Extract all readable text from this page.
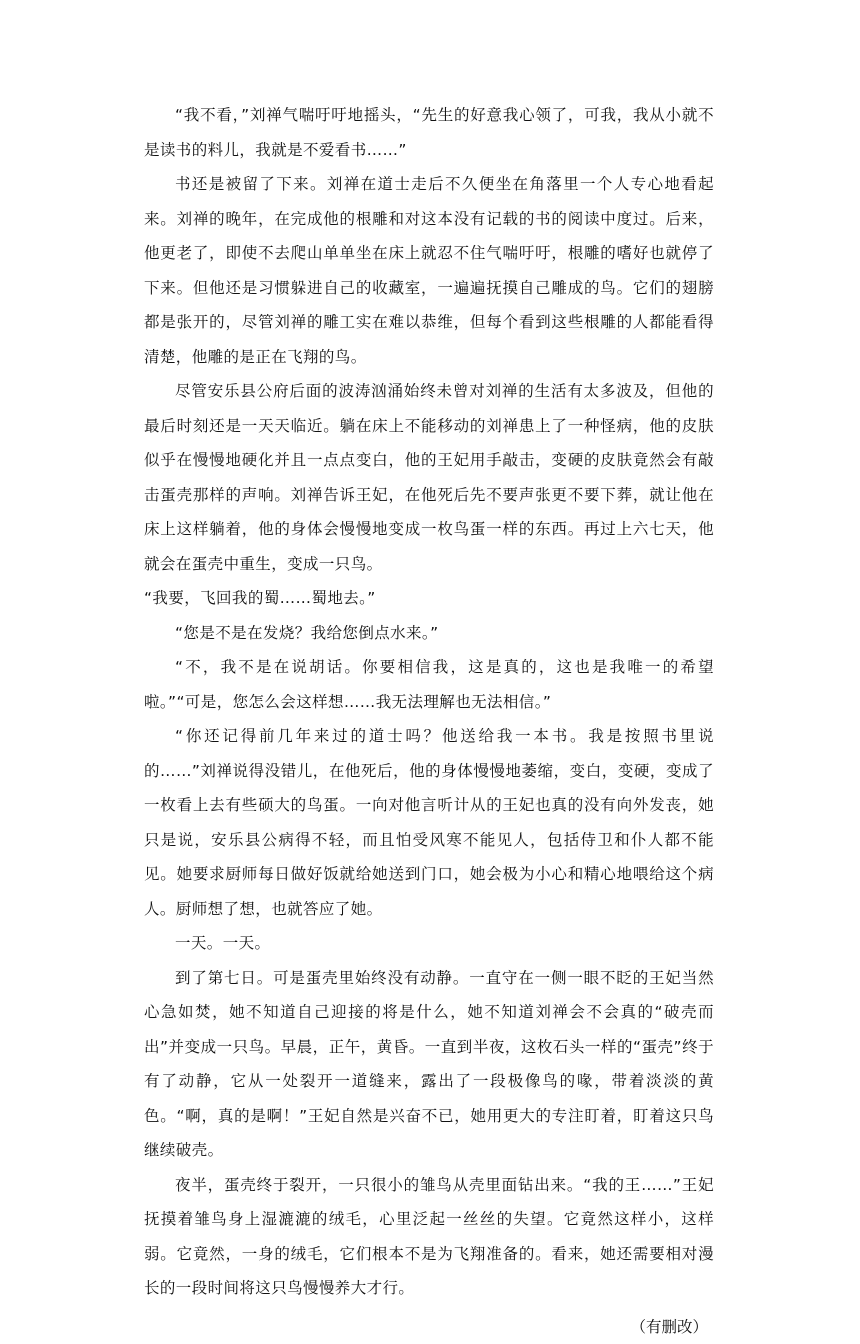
“我不看，”刘禅气喘吁吁地摇头，“先生的好意我心领了，可我，我从小就不是读书的料儿，我就是不爱看书……”

书还是被留了下来。刘禅在道士走后不久便坐在角落里一个人专心地看起来。刘禅的晚年，在完成他的根雕和对这本没有记载的书的阅读中度过。后来，他更老了，即使不去爬山单单坐在床上就忍不住气喘吁吁，根雕的嗜好也就停了下来。但他还是习惯躲进自己的收藏室，一遍遍抚摸自己雕成的鸟。它们的翅膀都是张开的，尽管刘禅的雕工实在难以恭维，但每个看到这些根雕的人都能看得清楚，他雕的是正在飞翔的鸟。

尽管安乐县公府后面的波涛汹涌始终未曾对刘禅的生活有太多波及，但他的最后时刻还是一天天临近。躺在床上不能移动的刘禅患上了一种怪病，他的皮肤似乎在慢慢地硬化并且一点点变白，他的王妃用手敲击，变硬的皮肤竟然会有敲击蛋壳那样的声响。刘禅告诉王妃，在他死后先不要声张更不要下葬，就让他在床上这样躺着，他的身体会慢慢地变成一枚鸟蛋一样的东西。再过上六七天，他就会在蛋壳中重生，变成一只鸟。

“我要，飞回我的蜀……蜀地去。”

“您是不是在发烧？我给您倒点水来。”

“不，我不是在说胡话。你要相信我，这是真的，这也是我唯一的希望啦。”“可是，您怎么会这样想……我无法理解也无法相信。”

“你还记得前几年来过的道士吗？他送给我一本书。我是按照书里说的……”刘禅说得没错儿，在他死后，他的身体慢慢地萎缩，变白，变硬，变成了一枚看上去有些硕大的鸟蛋。一向对他言听计从的王妃也真的没有向外发丧，她只是说，安乐县公病得不轻，而且怕受风寒不能见人，包括侍卫和仆人都不能见。她要求厨师每日做好饭就给她送到门口，她会极为小心和精心地喂给这个病人。厨师想了想，也就答应了她。

一天。一天。

到了第七日。可是蛋壳里始终没有动静。一直守在一侧一眼不眨的王妃当然心急如焚，她不知道自己迎接的将是什么，她不知道刘禅会不会真的“破壳而出”并变成一只鸟。早晨，正午，黄昏。一直到半夜，这枚石头一样的“蛋壳”终于有了动静，它从一处裂开一道缝来，露出了一段极像鸟的喙，带着淡淡的黄色。“啊，真的是啊！”王妃自然是兴奋不已，她用更大的专注盯着，盯着这只鸟继续破壳。

夜半，蛋壳终于裂开，一只很小的雏鸟从壳里面钻出来。“我的王……”王妃抚摸着雏鸟身上湿漉漉的绒毛，心里泛起一丝丝的失望。它竟然这样小，这样弱。它竟然，一身的绒毛，它们根本不是为飞翔准备的。看来，她还需要相对漫长的一段时间将这只鸟慢慢养大才行。

（有删改）
